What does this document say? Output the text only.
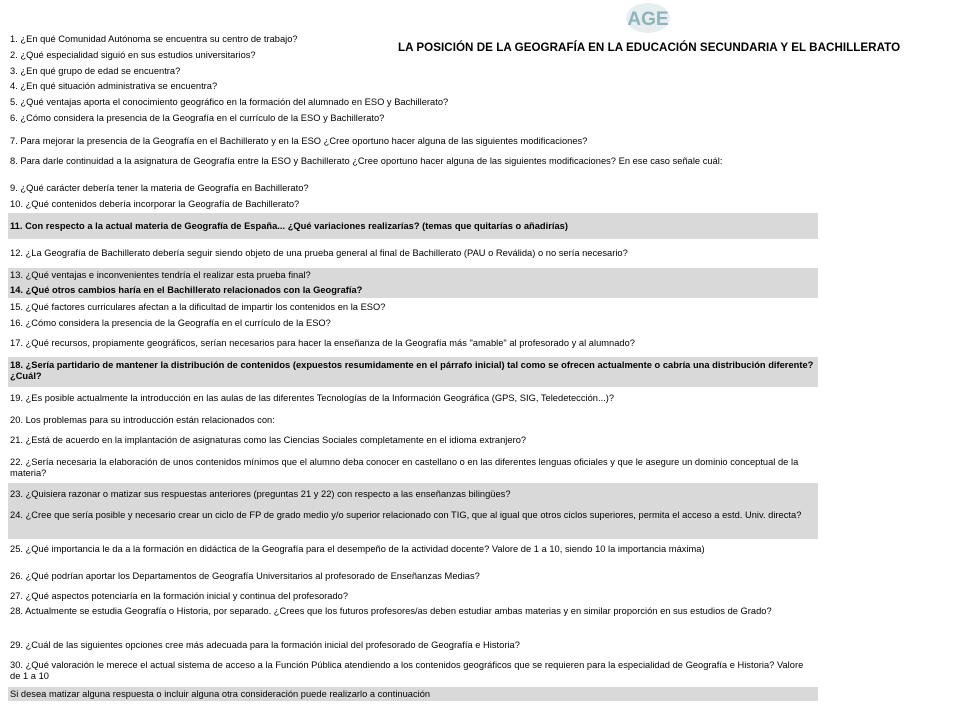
AGE
LA POSICIÓN DE LA GEOGRAFÍA EN LA EDUCACIÓN SECUNDARIA Y EL BACHILLERATO
1. ¿En qué Comunidad Autónoma se encuentra su centro de trabajo?
2. ¿Qué especialidad siguió en sus estudios universitarios?
3. ¿En qué grupo de edad se encuentra?
4. ¿En qué situación administrativa se encuentra?
5. ¿Qué ventajas aporta el conocimiento geográfico en la formación del alumnado en ESO y Bachillerato?
6. ¿Cómo considera la presencia de la Geografía en el currículo de la ESO y Bachillerato?
7. Para mejorar la presencia de la Geografía en el Bachillerato y en la ESO ¿Cree oportuno hacer alguna de las siguientes modificaciones?
8. Para darle continuidad a la asignatura de Geografía entre la ESO y Bachillerato ¿Cree oportuno hacer alguna de las siguientes modificaciones? En ese caso señale cuál:
9. ¿Qué carácter debería tener la materia de Geografía en Bachillerato?
10. ¿Qué contenidos debería incorporar la Geografía de Bachillerato?
11. Con respecto a la actual materia de Geografía de España... ¿Qué variaciones realizarías? (temas que quitarías o añadirías)
12. ¿La Geografía de Bachillerato debería seguir siendo objeto de una prueba general al final de Bachillerato (PAU o Reválida) o no sería necesario?
13. ¿Qué ventajas e inconvenientes tendría el realizar esta prueba final?
14. ¿Qué otros cambios haría en el Bachillerato relacionados con la Geografía?
15. ¿Qué factores curriculares afectan a la dificultad de impartir los contenidos en la ESO?
16. ¿Cómo considera la presencia de la Geografía en el currículo de la ESO?
17. ¿Qué recursos, propiamente geográficos, serían necesarios para hacer la enseñanza de la Geografía más "amable" al profesorado y al alumnado?
18. ¿Sería partidario de mantener la distribución de contenidos (expuestos resumidamente en el párrafo inicial) tal como se ofrecen actualmente o cabría una distribución diferente? ¿Cuál?
19. ¿Es posible actualmente la introducción en las aulas de las diferentes Tecnologías de la Información Geográfica (GPS, SIG, Teledetección...)?
20. Los problemas para su introducción están relacionados con:
21. ¿Está de acuerdo en la implantación de asignaturas como las Ciencias Sociales completamente en el idioma extranjero?
22. ¿Sería necesaria la elaboración de unos contenidos mínimos que el alumno deba conocer en castellano o en las diferentes lenguas oficiales y que le asegure un dominio conceptual de la materia?
23. ¿Quisiera razonar o matizar sus respuestas anteriores (preguntas 21 y 22) con respecto a las enseñanzas bilingües?
24. ¿Cree que sería posible y necesario crear un ciclo de FP de grado medio y/o superior relacionado con TIG, que al igual que otros ciclos superiores, permita el acceso a estd. Univ. directa?
25. ¿Qué importancia le da a la formación en didáctica de la Geografía para el desempeño de la actividad docente? Valore de 1 a 10, siendo 10 la importancia máxima)
26. ¿Qué podrían aportar los Departamentos de Geografía Universitarios al profesorado de Enseñanzas Medias?
27. ¿Qué aspectos potenciaría en la formación inicial y continua del profesorado?
28. Actualmente se estudia Geografía o Historia, por separado. ¿Crees que los futuros profesores/as deben estudiar ambas materias y en similar proporción en sus estudios de Grado?
29. ¿Cuál de las siguientes opciones cree más adecuada para la formación inicial del profesorado de Geografía e Historia?
30. ¿Qué valoración le merece el actual sistema de acceso a la Función Pública atendiendo a los contenidos geográficos que se requieren para la especialidad de Geografía e Historia? Valore de 1 a 10
Si desea matizar alguna respuesta o incluir alguna otra consideración puede realizarlo a continuación
